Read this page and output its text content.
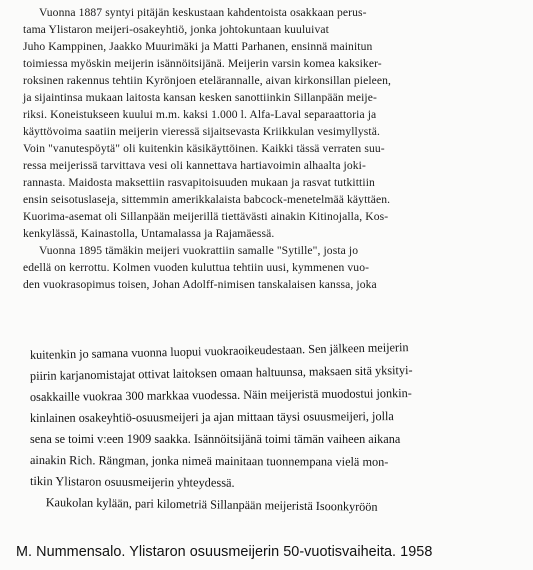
Vuonna 1887 syntyi pitäjän keskustaan kahdentoista osakkaan perus-
tama Ylistaron meijeri-osakeyhtiö, jonka johtokuntaan kuuluivat
Juho Kamppinen, Jaakko Muurimäki ja Matti Parhanen, ensinnä mainitun
toimiessa myöskin meijerin isännöitsijänä. Meijerin varsin komea kaksiker-
roksinen rakennus tehtiin Kyrönjoen etelärannalle, aivan kirkonsillan pieleen,
ja sijaintinsa mukaan laitosta kansan kesken sanottiinkin Sillanpään meije-
riksi. Koneistukseen kuului m.m. kaksi 1.000 l. Alfa-Laval separaattoria ja
käyttövoima saatiin meijerin vieressä sijaitsevasta Kriikkulan vesimyllystä.
Voin "vanutespöytä" oli kuitenkin käsikäyttöinen. Kaikki tässä verraten suu-
ressa meijerissä tarvittava vesi oli kannettava hartiavoimin alhaalta joki-
rannasta. Maidosta maksettiin rasvapitoisuuden mukaan ja rasvat tutkittiin
ensin seisotuslaseja, sittemmin amerikkalaista babcock-menetelmää käyttäen.
Kuorima-asemat oli Sillanpään meijerillä tiettävästi ainakin Kitinojalla, Kos-
kenkylässä, Kainastolla, Untamalassa ja Rajamäessä.

Vuonna 1895 tämäkin meijeri vuokrattiin samalle "Sytille", josta jo
edellä on kerrottu. Kolmen vuoden kuluttua tehtiin uusi, kymmenen vuo-
den vuokrasopimus toisen, Johan Adolff-nimisen tanskalaisen kanssa, joka

kuitenkin jo samana vuonna luopui vuokraoikeudestaan. Sen jälkeen meijerin
piirin karjanomistajat ottivat laitoksen omaan haltuunsa, maksaen sitä yksityi-
osakkaille vuokraa 300 markkaa vuodessa. Näin meijeristä muodostui jonkin-
kinlainen osakeyhtiö-osuusmeijeri ja ajan mittaan täysi osuusmeijeri, jolla
sena se toimi v:een 1909 saakka. Isännöitsijänä toimi tämän vaiheen aikana
ainakin Rich. Rängman, jonka nimeä mainitaan tuonnempana vielä mon-
tikin Ylistaron osuusmeijerin yhteydessä.
Kaukolan kylään, pari kilometriä Sillanpään meijeristä Isoonkyröön
M. Nummensalo. Ylistaron osuusmeijerin 50-vuotisvaiheita. 1958
